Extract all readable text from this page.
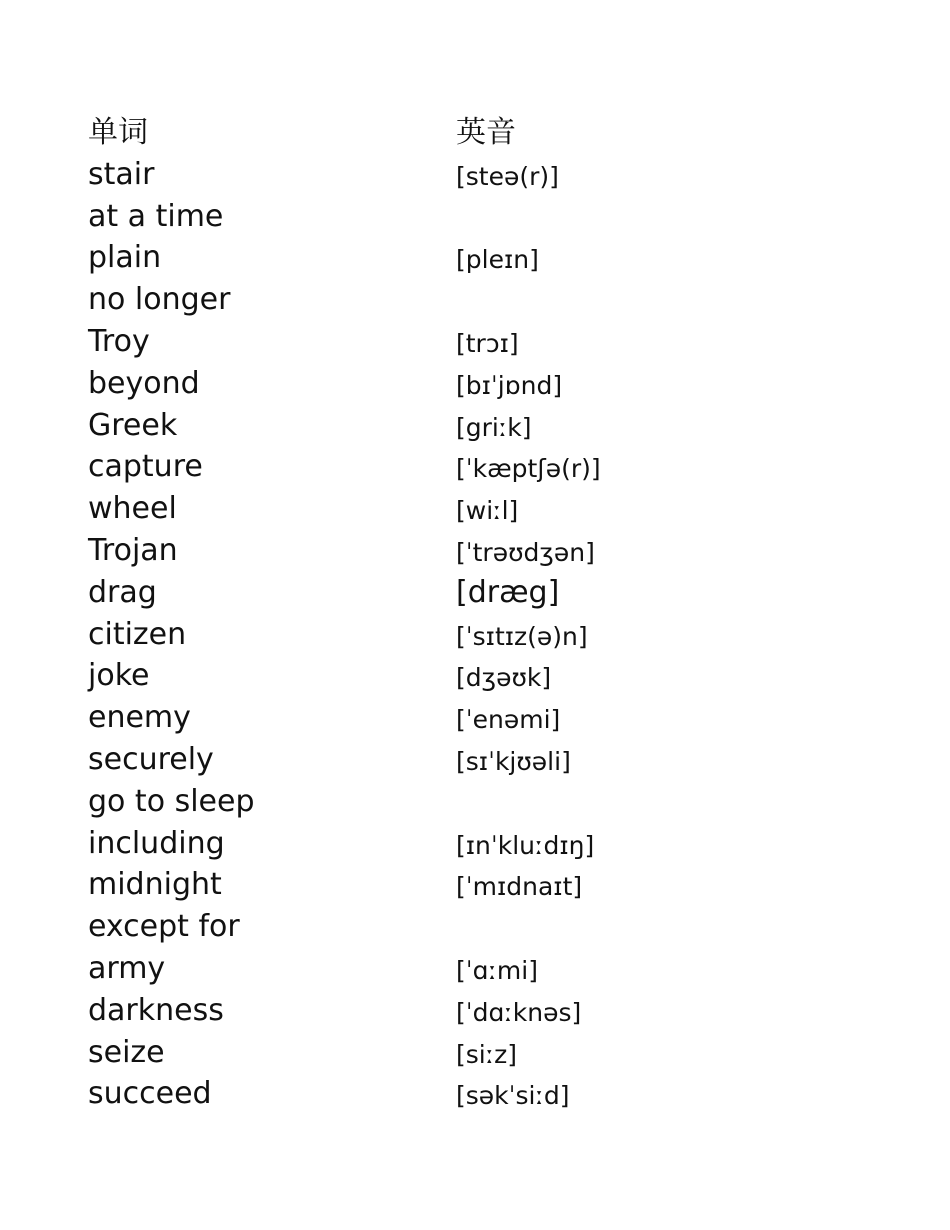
单词	英音
stair	[steə(r)]
at a time
plain	[pleɪn]
no longer
Troy	[trɔɪ]
beyond	[bɪˈjɒnd]
Greek	[griːk]
capture	[ˈkæptʃə(r)]
wheel	[wiːl]
Trojan	[ˈtrəʊdʒən]
drag	[dræg]
citizen	[ˈsɪtɪz(ə)n]
joke	[dʒəʊk]
enemy	[ˈenəmi]
securely	[sɪˈkjʊəli]
go to sleep
including	[ɪnˈkluːdɪŋ]
midnight	[ˈmɪdnaɪt]
except for
army	[ˈɑːmi]
darkness	[ˈdɑːknəs]
seize	[siːz]
succeed	[səkˈsiːd]
